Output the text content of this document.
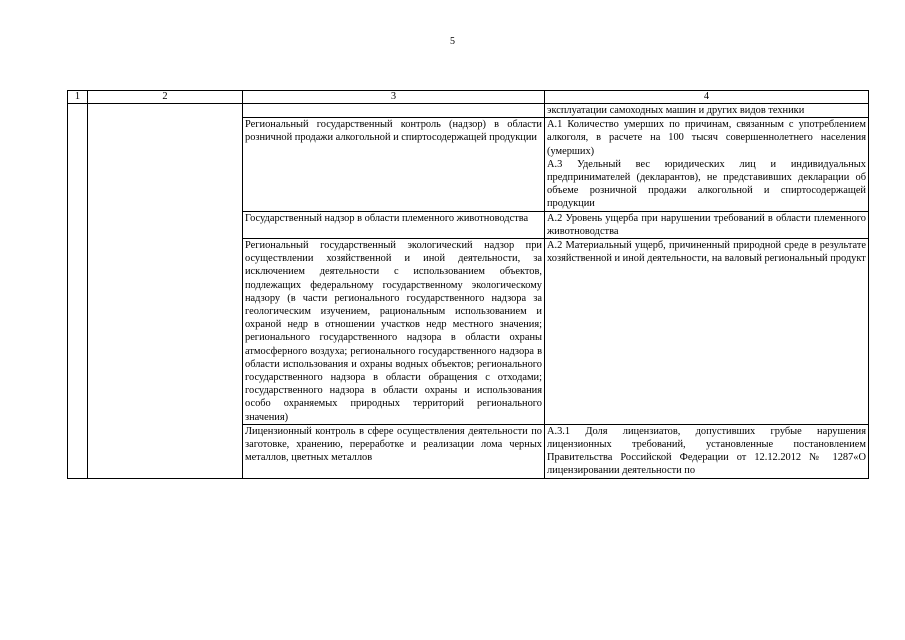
5
1	2	3	4
			эксплуатации самоходных машин и других видов техники
		Региональный государственный контроль (надзор) в области розничной продажи алкогольной и спиртосодержащей продукции	А.1 Количество умерших по причинам, связанным с употреблением алкоголя, в расчете на 100 тысяч совершеннолетнего населения (умерших)
А.3 Удельный вес юридических лиц и индивидуальных предпринимателей (декларантов), не представивших декларации об объеме розничной продажи алкогольной и спиртосодержащей продукции

		Государственный надзор в области племенного животноводства	А.2 Уровень ущерба при нарушении требований в области племенного животноводства
		Региональный государственный экологический надзор при осуществлении хозяйственной и иной деятельности, за исключением деятельности с использованием объектов, подлежащих федеральному государственному экологическому надзору (в части регионального государственного надзора за геологическим изучением, рациональным использованием и охраной недр в отношении участков недр местного значения; регионального государственного надзора в области охраны атмосферного воздуха; регионального государственного надзора в области использования и охраны водных объектов; регионального государственного надзора в области обращения с отходами; государственного надзора в области охраны и использования особо охраняемых природных территорий регионального значения)	А.2 Материальный ущерб, причиненный природной среде в результате хозяйственной и иной деятельности, на валовый региональный продукт
		Лицензионный контроль в сфере осуществления деятельности по заготовке, хранению, переработке и реализации лома черных металлов, цветных металлов	А.3.1 Доля лицензиатов, допустивших грубые нарушения лицензионных требований, установленные постановлением Правительства Российской Федерации от 12.12.2012 № 1287«О лицензировании деятельности по
